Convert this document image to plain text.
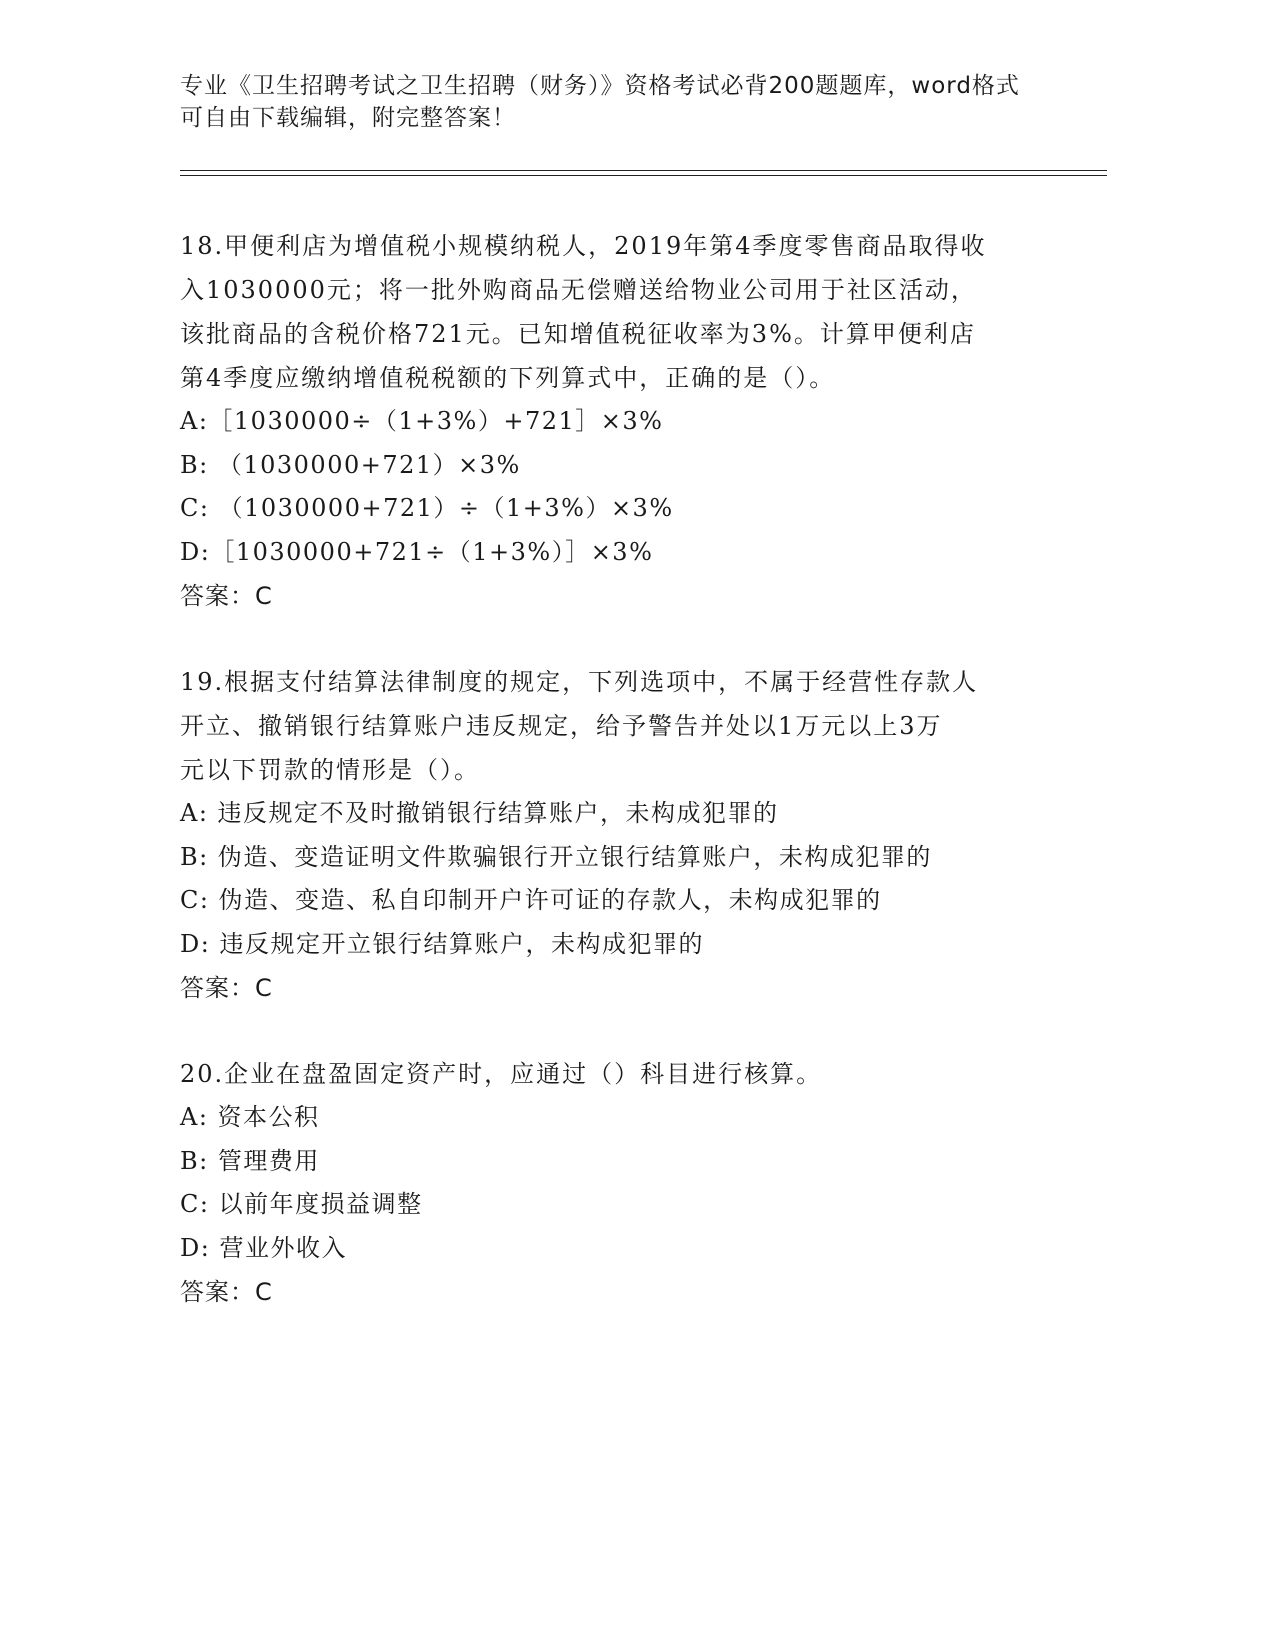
专业《卫生招聘考试之卫生招聘（财务）》资格考试必背200题题库，word格式
可自由下载编辑，附完整答案！
18.甲便利店为增值税小规模纳税人，2019年第4季度零售商品取得收
入1030000元；将一批外购商品无偿赠送给物业公司用于社区活动，
该批商品的含税价格721元。已知增值税征收率为3%。计算甲便利店
第4季度应缴纳增值税税额的下列算式中，正确的是（）。
A:［1030000÷（1+3%）+721］×3%
B: （1030000+721）×3%
C: （1030000+721）÷（1+3%）×3%
D:［1030000+721÷（1+3%）］×3%
答案：C
19.根据支付结算法律制度的规定，下列选项中，不属于经营性存款人
开立、撤销银行结算账户违反规定，给予警告并处以1万元以上3万
元以下罚款的情形是（）。
A: 违反规定不及时撤销银行结算账户，未构成犯罪的
B: 伪造、变造证明文件欺骗银行开立银行结算账户，未构成犯罪的
C: 伪造、变造、私自印制开户许可证的存款人，未构成犯罪的
D: 违反规定开立银行结算账户，未构成犯罪的
答案：C
20.企业在盘盈固定资产时，应通过（）科目进行核算。
A: 资本公积
B: 管理费用
C: 以前年度损益调整
D: 营业外收入
答案：C
